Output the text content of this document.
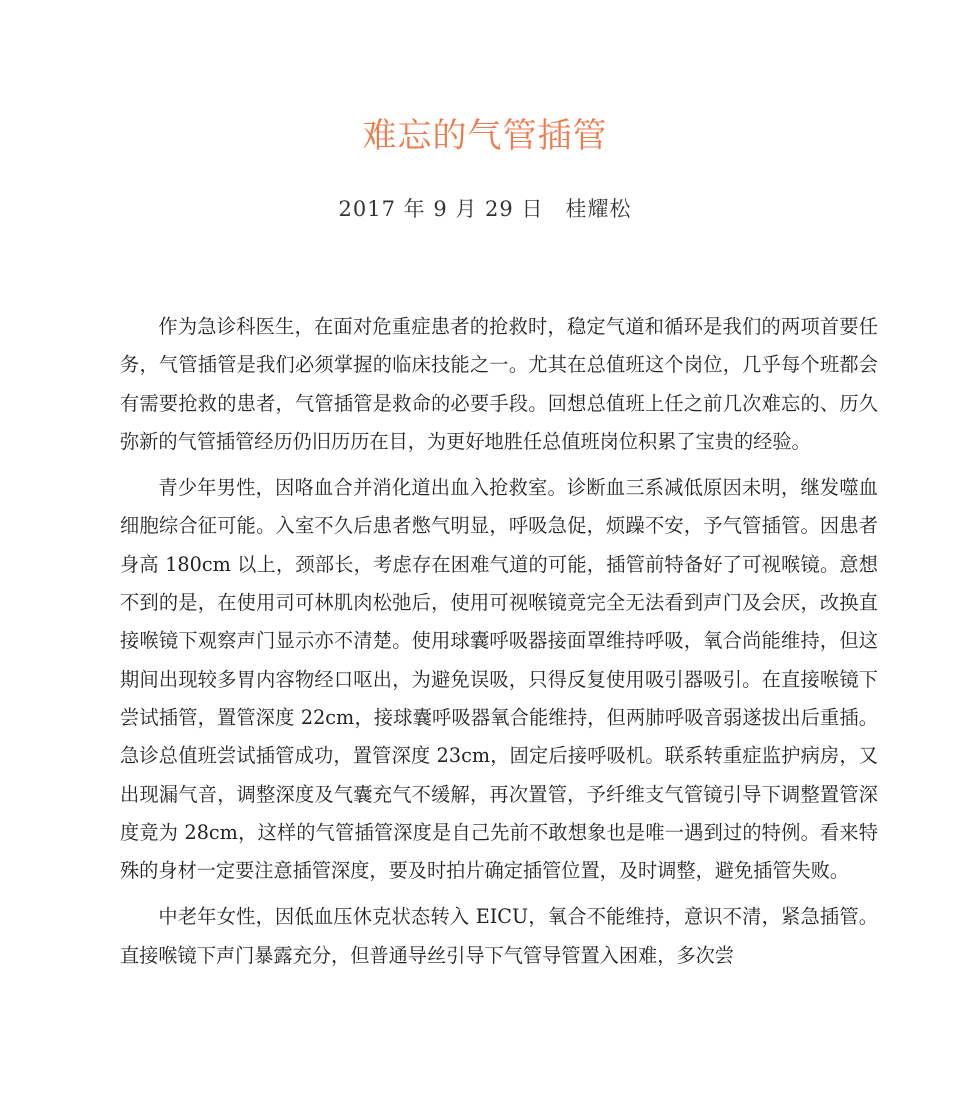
难忘的气管插管
2017 年 9 月 29 日 桂耀松

作为急诊科医生，在面对危重症患者的抢救时，稳定气道和循环是我们的两项首要任务，气管插管是我们必须掌握的临床技能之一。尤其在总值班这个岗位，几乎每个班都会有需要抢救的患者，气管插管是救命的必要手段。回想总值班上任之前几次难忘的、历久弥新的气管插管经历仍旧历历在目，为更好地胜任总值班岗位积累了宝贵的经验。

青少年男性，因咯血合并消化道出血入抢救室。诊断血三系减低原因未明，继发噬血细胞综合征可能。入室不久后患者憋气明显，呼吸急促，烦躁不安，予气管插管。因患者身高 180cm 以上，颈部长，考虑存在困难气道的可能，插管前特备好了可视喉镜。意想不到的是，在使用司可林肌肉松弛后，使用可视喉镜竟完全无法看到声门及会厌，改换直接喉镜下观察声门显示亦不清楚。使用球囊呼吸器接面罩维持呼吸，氧合尚能维持，但这期间出现较多胃内容物经口呕出，为避免误吸，只得反复使用吸引器吸引。在直接喉镜下尝试插管，置管深度 22cm，接球囊呼吸器氧合能维持，但两肺呼吸音弱遂拔出后重插。急诊总值班尝试插管成功，置管深度 23cm，固定后接呼吸机。联系转重症监护病房，又出现漏气音，调整深度及气囊充气不缓解，再次置管，予纤维支气管镜引导下调整置管深度竟为 28cm，这样的气管插管深度是自己先前不敢想象也是唯一遇到过的特例。看来特殊的身材一定要注意插管深度，要及时拍片确定插管位置，及时调整，避免插管失败。

中老年女性，因低血压休克状态转入 EICU，氧合不能维持，意识不清，紧急插管。直接喉镜下声门暴露充分，但普通导丝引导下气管导管置入困难，多次尝
